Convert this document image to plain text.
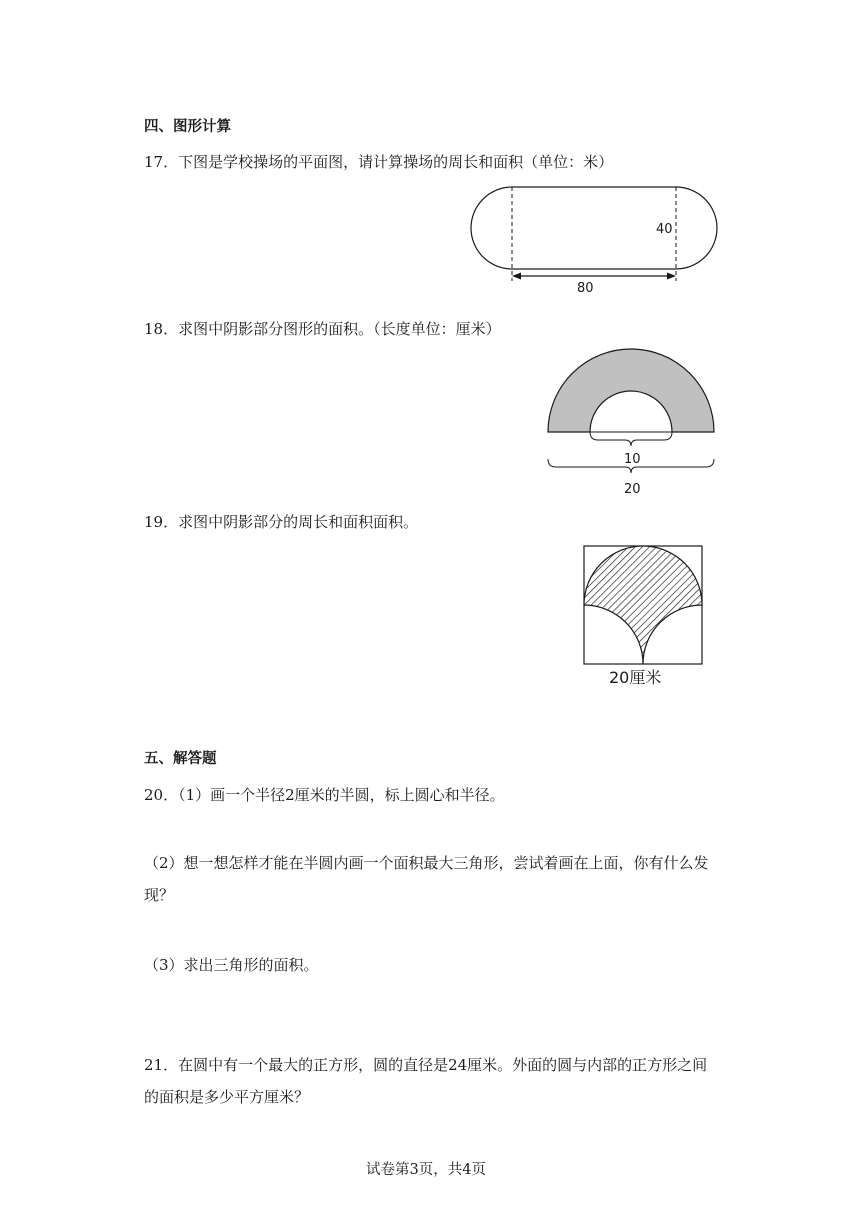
四、图形计算
17．下图是学校操场的平面图，请计算操场的周长和面积（单位：米）
40
80
18．求图中阴影部分图形的面积。（长度单位：厘米）
10
20
19．求图中阴影部分的周长和面积面积。
20厘米
五、解答题
20．（1）画一个半径2厘米的半圆，标上圆心和半径。
（2）想一想怎样才能在半圆内画一个面积最大三角形，尝试着画在上面，你有什么发
现？
（3）求出三角形的面积。
21．在圆中有一个最大的正方形，圆的直径是24厘米。外面的圆与内部的正方形之间
的面积是多少平方厘米？
试卷第3页，共4页
